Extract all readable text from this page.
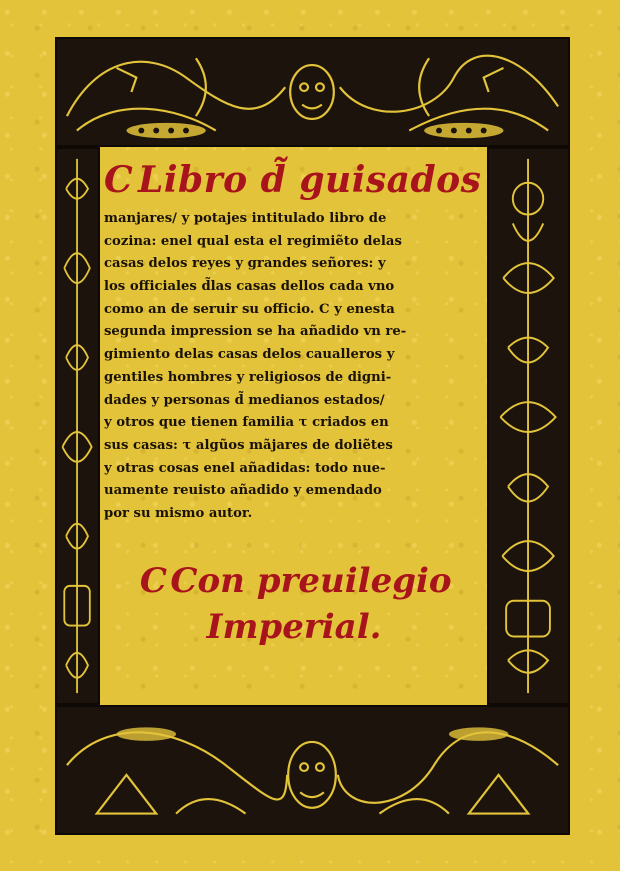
C Libro d̃ guisados
manjares/ y potajes intitulado libro de
cozina: enel qual esta el regimiẽto delas
casas delos reyes y grandes señores: y
los officiales d̃las casas dellos cada vno
como an de seruir su officio. C y enesta
segunda impression se ha añadido vn re-
gimiento delas casas delos caualleros y
gentiles hombres y religiosos de digni-
dades y personas d̃ medianos estados/
y otros que tienen familia τ criados en
sus casas: τ algũos mãjares de doliẽtes
y otras cosas enel añadidas: todo nue-
uamente reuisto añadido y emendado
por su mismo autor.
C Con preuilegio
Imperial.
